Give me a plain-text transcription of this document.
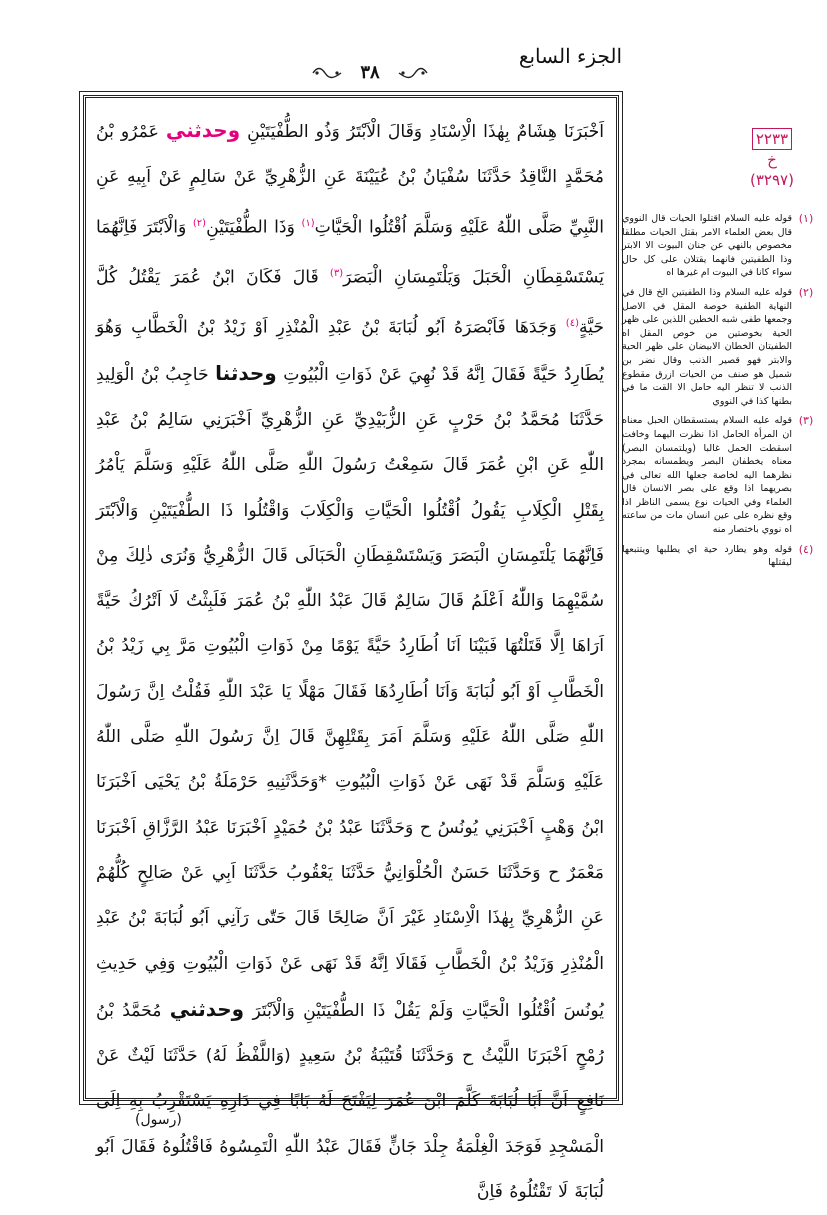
الجزء السابع
٣٨

اَخْبَرَنَا هِشَامٌ بِهٰذَا الْاِسْنَادِ وَقَالَ الْاَبْتَرُ وَذُو الطُّفْيَتَيْنِ وحدثني عَمْرُو بْنُ مُحَمَّدٍ النَّاقِدُ حَدَّثَنَا سُفْيَانُ بْنُ عُيَيْنَةَ عَنِ الزُّهْرِيِّ عَنْ سَالِمٍ عَنْ اَبِيهِ عَنِ النَّبِيِّ صَلَّى اللّٰهُ عَلَيْهِ وَسَلَّمَ اُقْتُلُوا الْحَيَّاتِ$^{(١)}$ وَذَا الطُّفْيَتَيْنِ$^{(٢)}$ وَالْاَبْتَرَ فَاِنَّهُمَا يَسْتَسْقِطَانِ الْحَبَلَ وَيَلْتَمِسَانِ الْبَصَرَ$^{(٣)}$ قَالَ فَكَانَ ابْنُ عُمَرَ يَقْتُلُ كُلَّ حَيَّةٍ$^{(٤)}$ وَجَدَهَا فَاَبْصَرَهُ اَبُو لُبَابَةَ بْنُ عَبْدِ الْمُنْذِرِ اَوْ زَيْدُ بْنُ الْخَطَّابِ وَهُوَ يُطَارِدُ حَيَّةً فَقَالَ اِنَّهُ قَدْ نُهِيَ عَنْ ذَوَاتِ الْبُيُوتِ وحدثنا حَاجِبُ بْنُ الْوَلِيدِ حَدَّثَنَا مُحَمَّدُ بْنُ حَرْبٍ عَنِ الزُّبَيْدِيِّ عَنِ الزُّهْرِيِّ اَخْبَرَنِي سَالِمُ بْنُ عَبْدِ اللّٰهِ عَنِ ابْنِ عُمَرَ قَالَ سَمِعْتُ رَسُولَ اللّٰهِ صَلَّى اللّٰهُ عَلَيْهِ وَسَلَّمَ يَاْمُرُ بِقَتْلِ الْكِلَابِ يَقُولُ اُقْتُلُوا الْحَيَّاتِ وَالْكِلَابَ وَاقْتُلُوا ذَا الطُّفْيَتَيْنِ وَالْاَبْتَرَ فَاِنَّهُمَا يَلْتَمِسَانِ الْبَصَرَ وَيَسْتَسْقِطَانِ الْحَبَالَى قَالَ الزُّهْرِيُّ وَنُرَى ذٰلِكَ مِنْ سُمَّيْهِمَا وَاللّٰهُ اَعْلَمُ قَالَ سَالِمٌ قَالَ عَبْدُ اللّٰهِ بْنُ عُمَرَ فَلَبِثْتُ لَا اَتْرُكُ حَيَّةً اَرَاهَا اِلَّا قَتَلْتُهَا فَبَيْنَا اَنَا اُطَارِدُ حَيَّةً يَوْمًا مِنْ ذَوَاتِ الْبُيُوتِ مَرَّ بِي زَيْدُ بْنُ الْخَطَّابِ اَوْ اَبُو لُبَابَةَ وَاَنَا اُطَارِدُهَا فَقَالَ مَهْلًا يَا عَبْدَ اللّٰهِ فَقُلْتُ اِنَّ رَسُولَ اللّٰهِ صَلَّى اللّٰهُ عَلَيْهِ وَسَلَّمَ اَمَرَ بِقَتْلِهِنَّ قَالَ اِنَّ رَسُولَ اللّٰهِ صَلَّى اللّٰهُ عَلَيْهِ وَسَلَّمَ قَدْ نَهَى عَنْ ذَوَاتِ الْبُيُوتِ *وَحَدَّثَنِيهِ حَرْمَلَةُ بْنُ يَحْيَى اَخْبَرَنَا ابْنُ وَهْبٍ اَخْبَرَنِي يُونُسُ ح وَحَدَّثَنَا عَبْدُ بْنُ حُمَيْدٍ اَخْبَرَنَا عَبْدُ الرَّزَّاقِ اَخْبَرَنَا مَعْمَرٌ ح وَحَدَّثَنَا حَسَنٌ الْحُلْوَانِيُّ حَدَّثَنَا يَعْقُوبُ حَدَّثَنَا اَبِي عَنْ صَالِحٍ كُلُّهُمْ عَنِ الزُّهْرِيِّ بِهٰذَا الْاِسْنَادِ غَيْرَ اَنَّ صَالِحًا قَالَ حَتّٰى رَآنِي اَبُو لُبَابَةَ بْنُ عَبْدِ الْمُنْذِرِ وَزَيْدُ بْنُ الْخَطَّابِ فَقَالَا اِنَّهُ قَدْ نَهَى عَنْ ذَوَاتِ الْبُيُوتِ وَفِي حَدِيثِ يُونُسَ اُقْتُلُوا الْحَيَّاتِ وَلَمْ يَقُلْ ذَا الطُّفْيَتَيْنِ وَالْاَبْتَرَ وحدثني مُحَمَّدُ بْنُ رُمْحٍ اَخْبَرَنَا اللَّيْثُ ح وَحَدَّثَنَا قُتَيْبَةُ بْنُ سَعِيدٍ (وَاللَّفْظُ لَهُ) حَدَّثَنَا لَيْثٌ عَنْ نَافِعٍ اَنَّ اَبَا لُبَابَةَ كَلَّمَ ابْنَ عُمَرَ لِيَفْتَحَ لَهُ بَابًا فِي دَارِهِ يَسْتَقْرِبُ بِهِ اِلَى الْمَسْجِدِ فَوَجَدَ الْغِلْمَةُ جِلْدَ جَانٍّ فَقَالَ عَبْدُ اللّٰهِ الْتَمِسُوهُ فَاقْتُلُوهُ فَقَالَ اَبُو لُبَابَةَ لَا تَقْتُلُوهُ فَاِنَّ

٢٢٣٣
خ (٣٢٩٧)
(١)
قوله عليه السلام اقتلوا الحيات قال النووي قال بعض العلماء الامر بقتل الحيات مطلقا مخصوص بالنهي عن جنان البيوت الا الابتر وذا الطفيتين فانهما يقتلان على كل حال سواء كانا في البيوت ام غيرها اه
(٢)
قوله عليه السلام وذا الطفيتين الخ قال في النهاية الطفية خوصة المقل في الاصل وجمعها طفى شبه الخطين اللذين على ظهر الحية بخوصتين من خوص المقل اه الطفيتان الخطان الابيضان على ظهر الحية والابتر فهو قصير الذنب وقال نضر بن شميل هو صنف من الحيات ازرق مقطوع الذنب لا تنظر اليه حامل الا القت ما في بطنها كذا في النووي
(٣)
قوله عليه السلام يستسقطان الحبل معناه ان المرأة الحامل اذا نظرت اليهما وخافت اسقطت الحمل غالبا (ويلتمسان البصر) معناه يخطفان البصر ويطمسانه بمجرد نظرهما اليه لخاصة جعلها الله تعالى في بصريهما اذا وقع على بصر الانسان قال العلماء وفي الحيات نوع يسمى الناظر اذا وقع نظره على عين انسان مات من ساعته اه نووي باختصار منه
(٤)
قوله وهو يطارد حية اي يطلبها ويتتبعها ليقتلها
(رسول)
